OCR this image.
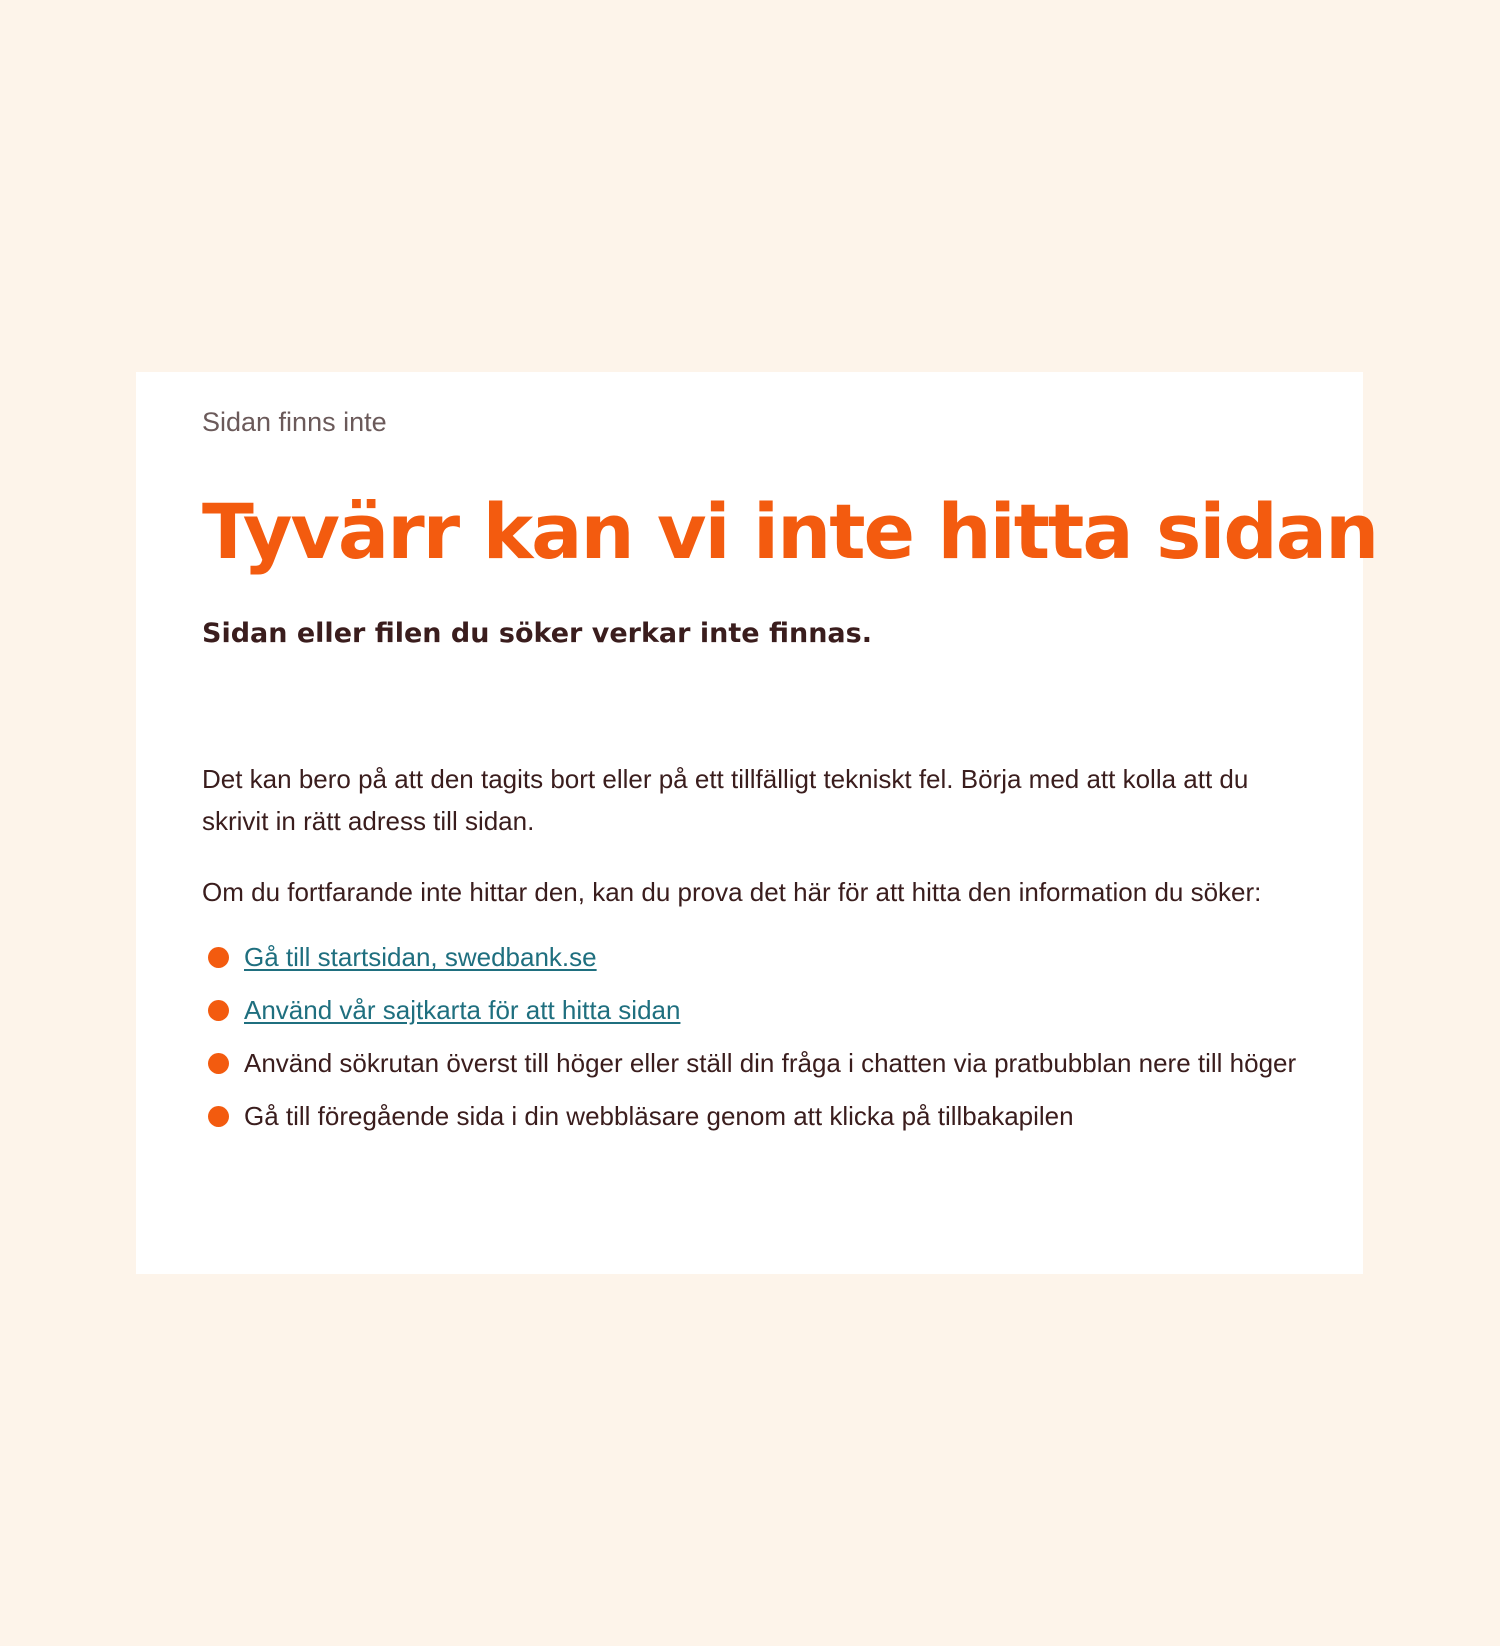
Sidan finns inte

Tyvärr kan vi inte hitta sidan

Sidan eller filen du söker verkar inte finnas.

Det kan bero på att den tagits bort eller på ett tillfälligt tekniskt fel. Börja med att kolla att du skrivit in rätt adress till sidan.

Om du fortfarande inte hittar den, kan du prova det här för att hitta den information du söker:

Gå till startsidan, swedbank.se
Använd vår sajtkarta för att hitta sidan
Använd sökrutan överst till höger eller ställ din fråga i chatten via pratbubblan nere till höger
Gå till föregående sida i din webbläsare genom att klicka på tillbakapilen
